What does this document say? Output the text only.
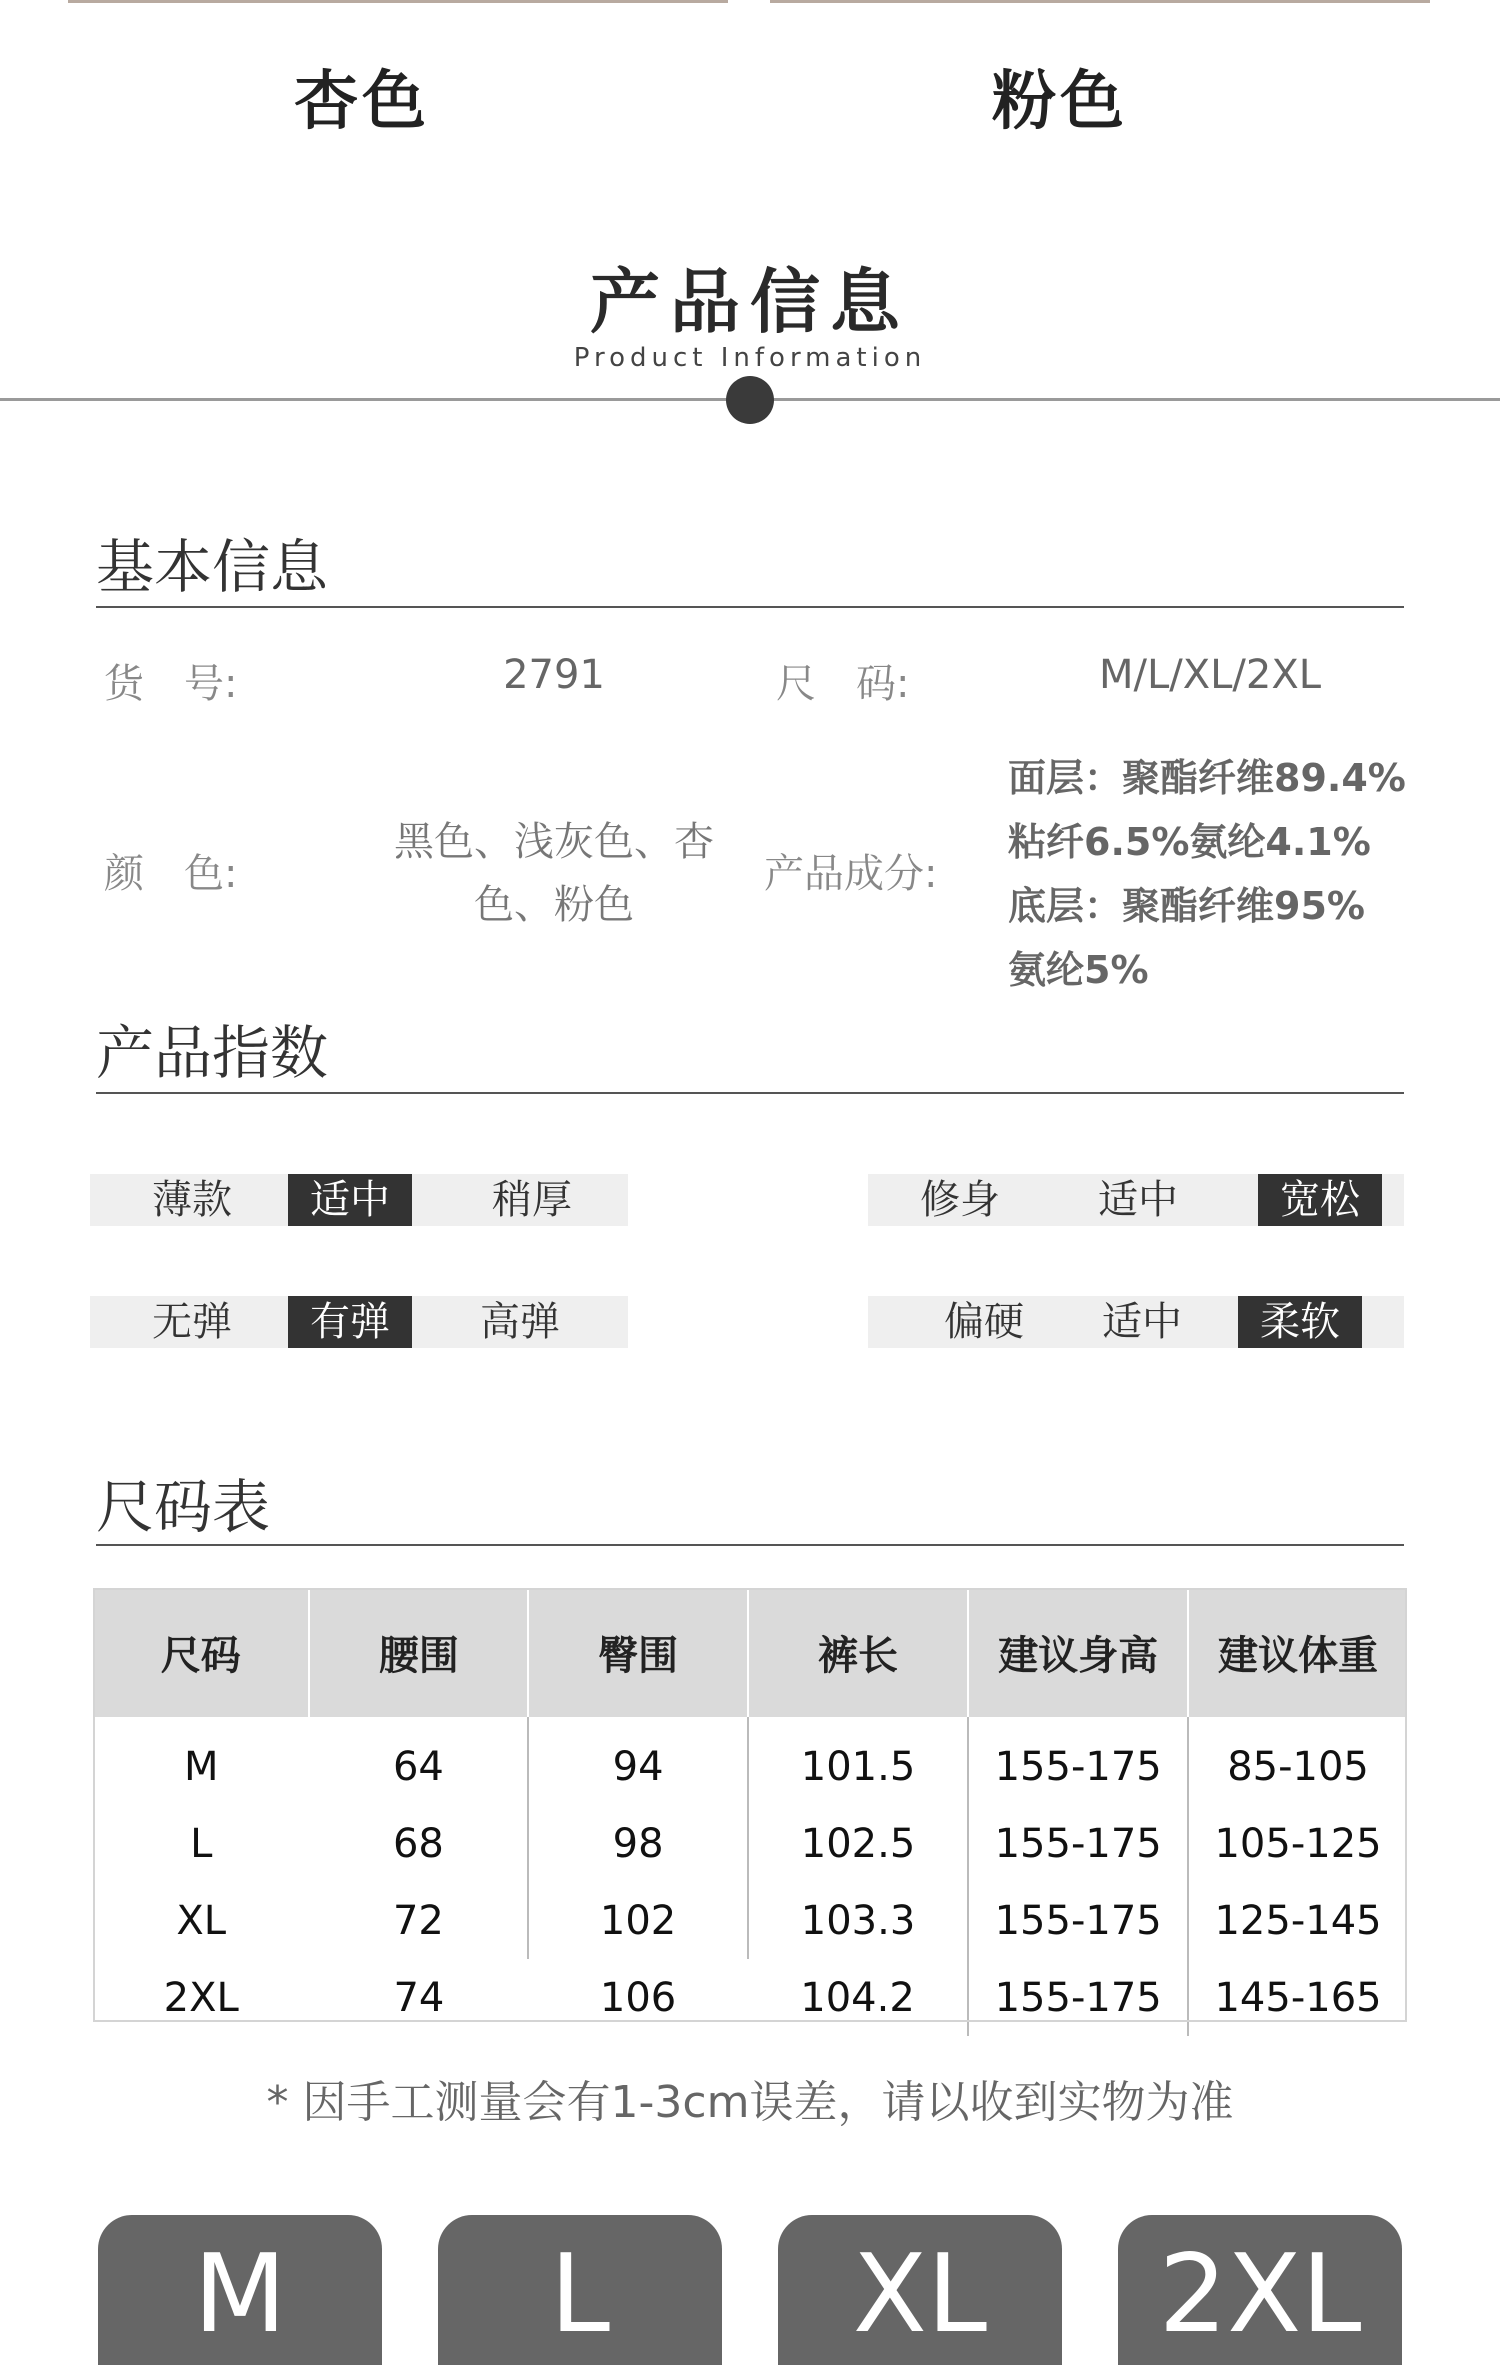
杏色	粉色
产品信息
Product Information
基本信息
货　号:	2791	尺　码:	M/L/XL/2XL
颜　色:
黑色、浅灰色、杏
色、粉色
产品成分:
面层：聚酯纤维89.4%
粘纤6.5%氨纶4.1%
底层：聚酯纤维95%
氨纶5%
产品指数
薄款	适中	稍厚	修身	适中	宽松
无弹	有弹	高弹	偏硬	适中	柔软
尺码表
尺码	腰围	臀围	裤长	建议身高	建议体重
M	64	94	101.5	155-175	85-105
L	68	98	102.5	155-175	105-125
XL	72	102	103.3	155-175	125-145
2XL	74	106	104.2	155-175	145-165
* 因手工测量会有1-3cm误差，请以收到实物为准
M	L	XL	2XL
